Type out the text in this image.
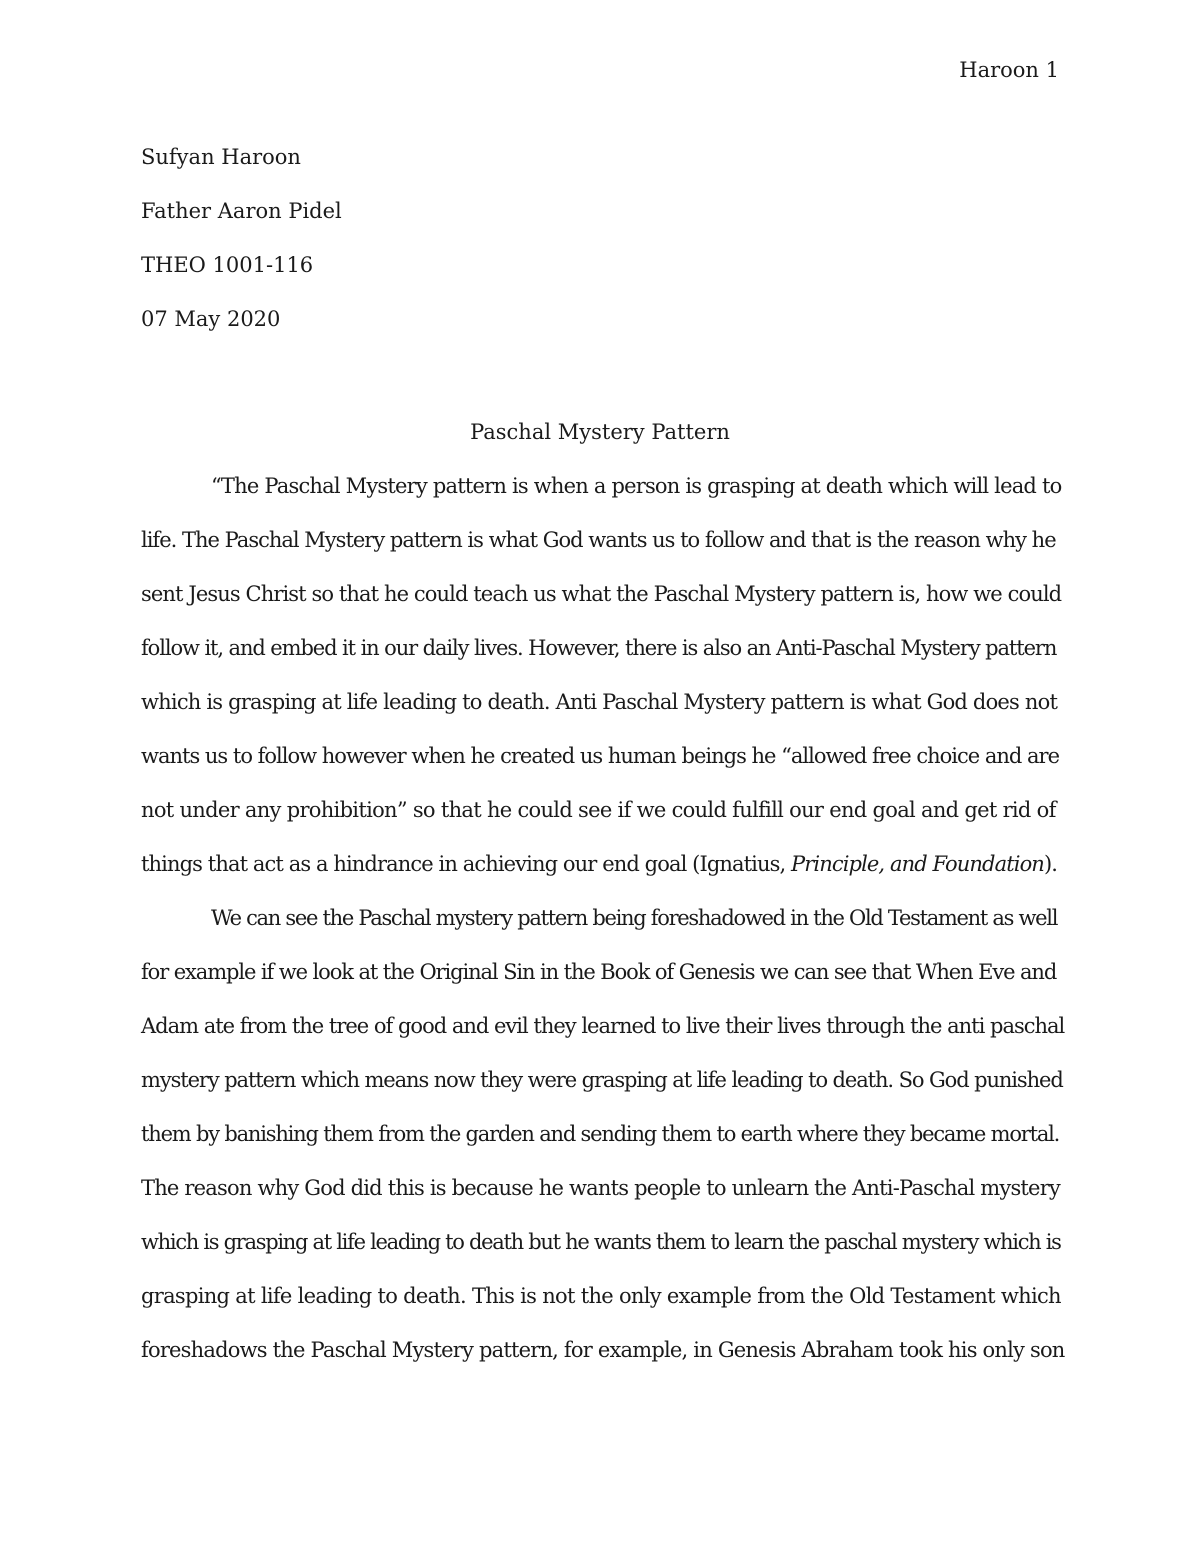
Haroon 1
Sufyan Haroon
Father Aaron Pidel
THEO 1001-116
07 May 2020
Paschal Mystery Pattern
“The Paschal Mystery pattern is when a person is grasping at death which will lead to
life. The Paschal Mystery pattern is what God wants us to follow and that is the reason why he
sent Jesus Christ so that he could teach us what the Paschal Mystery pattern is, how we could
follow it, and embed it in our daily lives. However, there is also an Anti-Paschal Mystery pattern
which is grasping at life leading to death. Anti Paschal Mystery pattern is what God does not
wants us to follow however when he created us human beings he “allowed free choice and are
not under any prohibition” so that he could see if we could fulfill our end goal and get rid of
things that act as a hindrance in achieving our end goal (Ignatius, Principle, and Foundation).
We can see the Paschal mystery pattern being foreshadowed in the Old Testament as well
for example if we look at the Original Sin in the Book of Genesis we can see that When Eve and
Adam ate from the tree of good and evil they learned to live their lives through the anti paschal
mystery pattern which means now they were grasping at life leading to death. So God punished
them by banishing them from the garden and sending them to earth where they became mortal.
The reason why God did this is because he wants people to unlearn the Anti-Paschal mystery
which is grasping at life leading to death but he wants them to learn the paschal mystery which is
grasping at life leading to death. This is not the only example from the Old Testament which
foreshadows the Paschal Mystery pattern, for example, in Genesis Abraham took his only son
